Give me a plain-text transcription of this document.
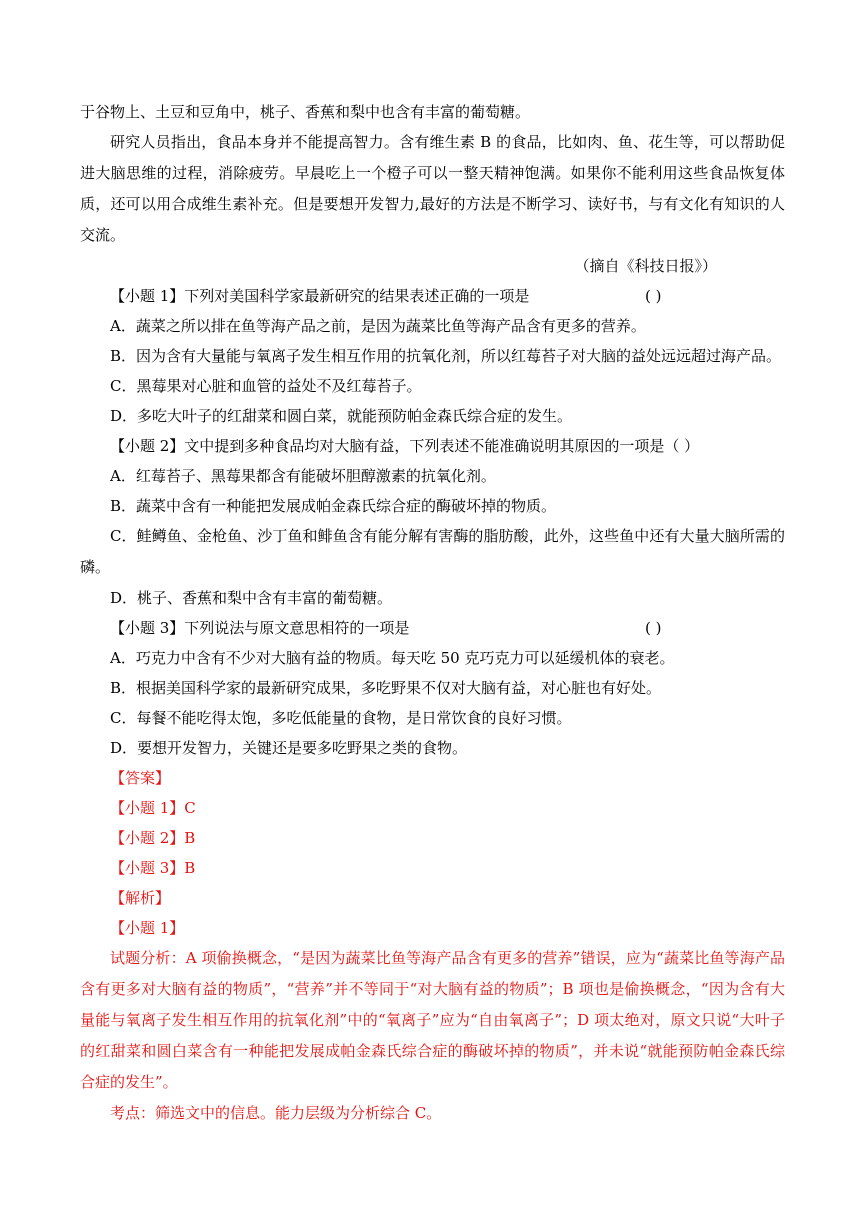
于谷物上、土豆和豆角中，桃子、香蕉和梨中也含有丰富的葡萄糖。
研究人员指出，食品本身并不能提高智力。含有维生素 B 的食品，比如肉、鱼、花生等，可以帮助促进大脑思维的过程，消除疲劳。早晨吃上一个橙子可以一整天精神饱满。如果你不能利用这些食品恢复体质，还可以用合成维生素补充。但是要想开发智力,最好的方法是不断学习、读好书，与有文化有知识的人交流。
（摘自《科技日报》）
【小题 1】下列对美国科学家最新研究的结果表述正确的一项是	( )
A．蔬菜之所以排在鱼等海产品之前，是因为蔬菜比鱼等海产品含有更多的营养。
B．因为含有大量能与氧离子发生相互作用的抗氧化剂，所以红莓苔子对大脑的益处远远超过海产品。
C．黑莓果对心脏和血管的益处不及红莓苔子。
D．多吃大叶子的红甜菜和圆白菜，就能预防帕金森氏综合症的发生。
【小题 2】文中提到多种食品均对大脑有益，下列表述不能准确说明其原因的一项是（ ）
A．红莓苔子、黑莓果都含有能破坏胆醇激素的抗氧化剂。
B．蔬菜中含有一种能把发展成帕金森氏综合症的酶破坏掉的物质。
C．鲑鳟鱼、金枪鱼、沙丁鱼和鲱鱼含有能分解有害酶的脂肪酸，此外，这些鱼中还有大量大脑所需的磷。
D．桃子、香蕉和梨中含有丰富的葡萄糖。
【小题 3】下列说法与原文意思相符的一项是	( )
A．巧克力中含有不少对大脑有益的物质。每天吃 50 克巧克力可以延缓机体的衰老。
B．根据美国科学家的最新研究成果，多吃野果不仅对大脑有益，对心脏也有好处。
C．每餐不能吃得太饱，多吃低能量的食物，是日常饮食的良好习惯。
D．要想开发智力，关键还是要多吃野果之类的食物。
【答案】
【小题 1】C
【小题 2】B
【小题 3】B
【解析】
【小题 1】
试题分析：A 项偷换概念，“是因为蔬菜比鱼等海产品含有更多的营养”错误，应为“蔬菜比鱼等海产品含有更多对大脑有益的物质”，“营养”并不等同于“对大脑有益的物质”；B 项也是偷换概念，“因为含有大量能与氧离子发生相互作用的抗氧化剂”中的“氧离子”应为“自由氧离子”；D 项太绝对，原文只说“大叶子的红甜菜和圆白菜含有一种能把发展成帕金森氏综合症的酶破坏掉的物质”，并未说“就能预防帕金森氏综合症的发生”。
考点：筛选文中的信息。能力层级为分析综合 C。
